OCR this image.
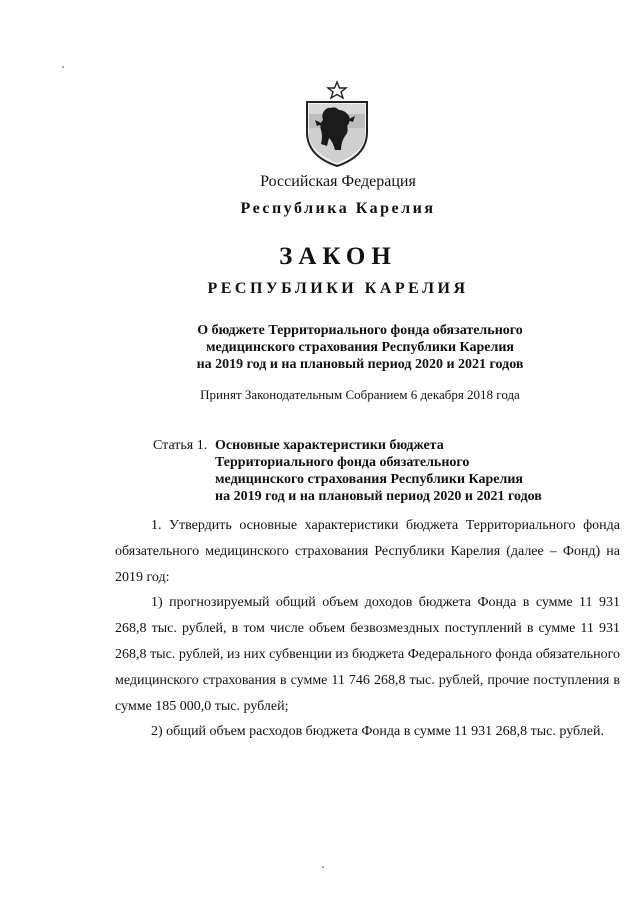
Российская Федерация
Республика Карелия
ЗАКОН
РЕСПУБЛИКИ КАРЕЛИЯ
О бюджете Территориального фонда обязательного
медицинского страхования Республики Карелия
на 2019 год и на плановый период 2020 и 2021 годов
Принят Законодательным Собранием 6 декабря 2018 года
Статья 1. Основные характеристики бюджета
Территориального фонда обязательного
медицинского страхования Республики Карелия
на 2019 год и на плановый период 2020 и 2021 годов

1. Утвердить основные характеристики бюджета Территориального фонда обязательного медицинского страхования Республики Карелия (далее – Фонд) на 2019 год:

1) прогнозируемый общий объем доходов бюджета Фонда в сумме 11 931 268,8 тыс. рублей, в том числе объем безвозмездных поступлений в сумме 11 931 268,8 тыс. рублей, из них субвенции из бюджета Федерального фонда обязательного медицинского страхования в сумме 11 746 268,8 тыс. рублей, прочие поступления в сумме 185 000,0 тыс. рублей;

2) общий объем расходов бюджета Фонда в сумме 11 931 268,8 тыс. рублей.
